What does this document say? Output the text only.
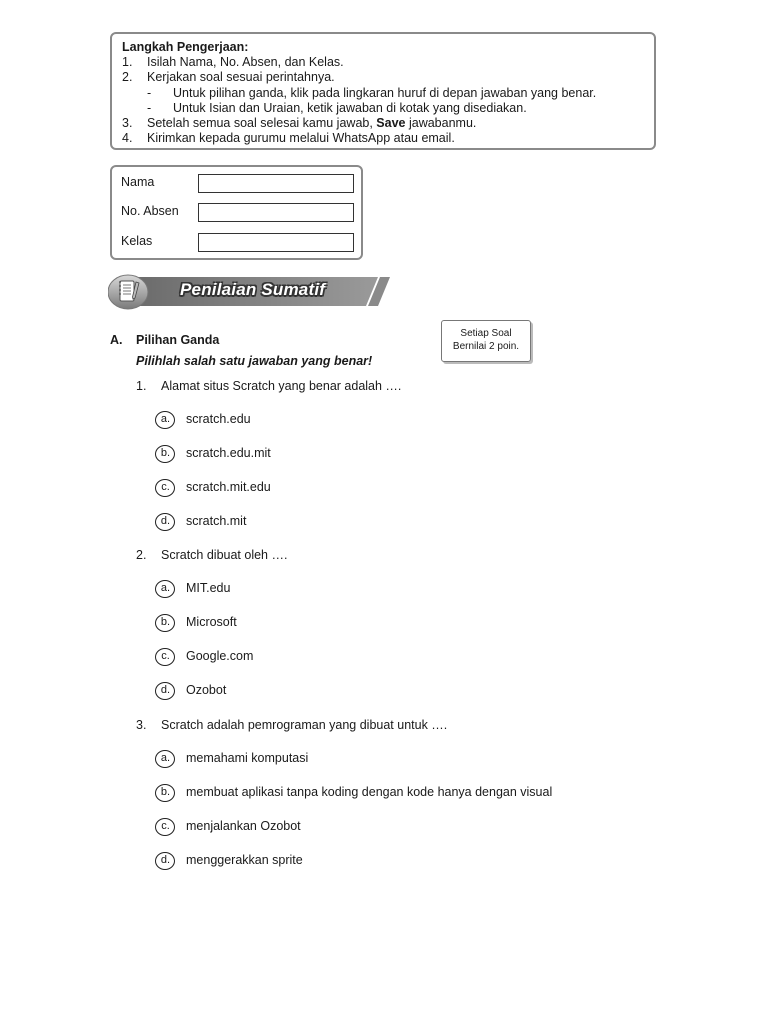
Langkah Pengerjaan:
1. Isilah Nama, No. Absen, dan Kelas.
2. Kerjakan soal sesuai perintahnya.
- Untuk pilihan ganda, klik pada lingkaran huruf di depan jawaban yang benar.
- Untuk Isian dan Uraian, ketik jawaban di kotak yang disediakan.
3. Setelah semua soal selesai kamu jawab, Save jawabanmu.
4. Kirimkan kepada gurumu melalui WhatsApp atau email.
Nama
No. Absen
Kelas
Penilaian Sumatif
A. Pilihan Ganda
Pilihlah salah satu jawaban yang benar!
Setiap Soal
Bernilai 2 poin.
1. Alamat situs Scratch yang benar adalah ….
a.	scratch.edu
b.	scratch.edu.mit
c.	scratch.mit.edu
d.	scratch.mit
2. Scratch dibuat oleh ….
a.	MIT.edu
b.	Microsoft
c.	Google.com
d.	Ozobot
3. Scratch adalah pemrograman yang dibuat untuk ….
a.	memahami komputasi
b.	membuat aplikasi tanpa koding dengan kode hanya dengan visual
c.	menjalankan Ozobot
d.	menggerakkan sprite
